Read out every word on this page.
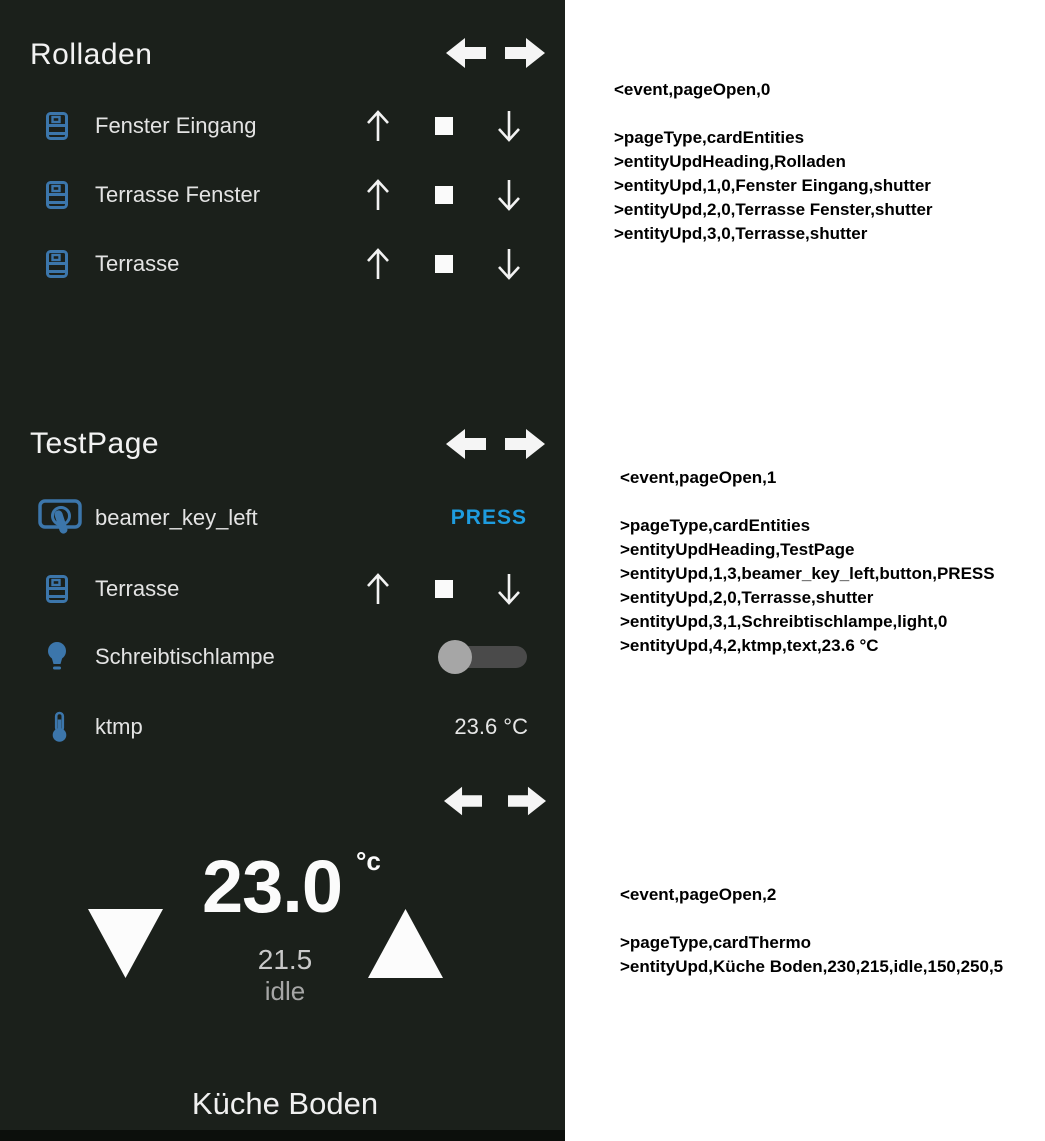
Rolladen
Fenster Eingang
Terrasse Fenster
Terrasse
TestPage
beamer_key_left	PRESS
Terrasse
Schreibtischlampe
ktmp	23.6 °C
23.0 °c
21.5
idle
Küche Boden
<event,pageOpen,0
>pageType,cardEntities
>entityUpdHeading,Rolladen
>entityUpd,1,0,Fenster Eingang,shutter
>entityUpd,2,0,Terrasse Fenster,shutter
>entityUpd,3,0,Terrasse,shutter
<event,pageOpen,1
>pageType,cardEntities
>entityUpdHeading,TestPage
>entityUpd,1,3,beamer_key_left,button,PRESS
>entityUpd,2,0,Terrasse,shutter
>entityUpd,3,1,Schreibtischlampe,light,0
>entityUpd,4,2,ktmp,text,23.6 °C
<event,pageOpen,2
>pageType,cardThermo
>entityUpd,Küche Boden,230,215,idle,150,250,5
